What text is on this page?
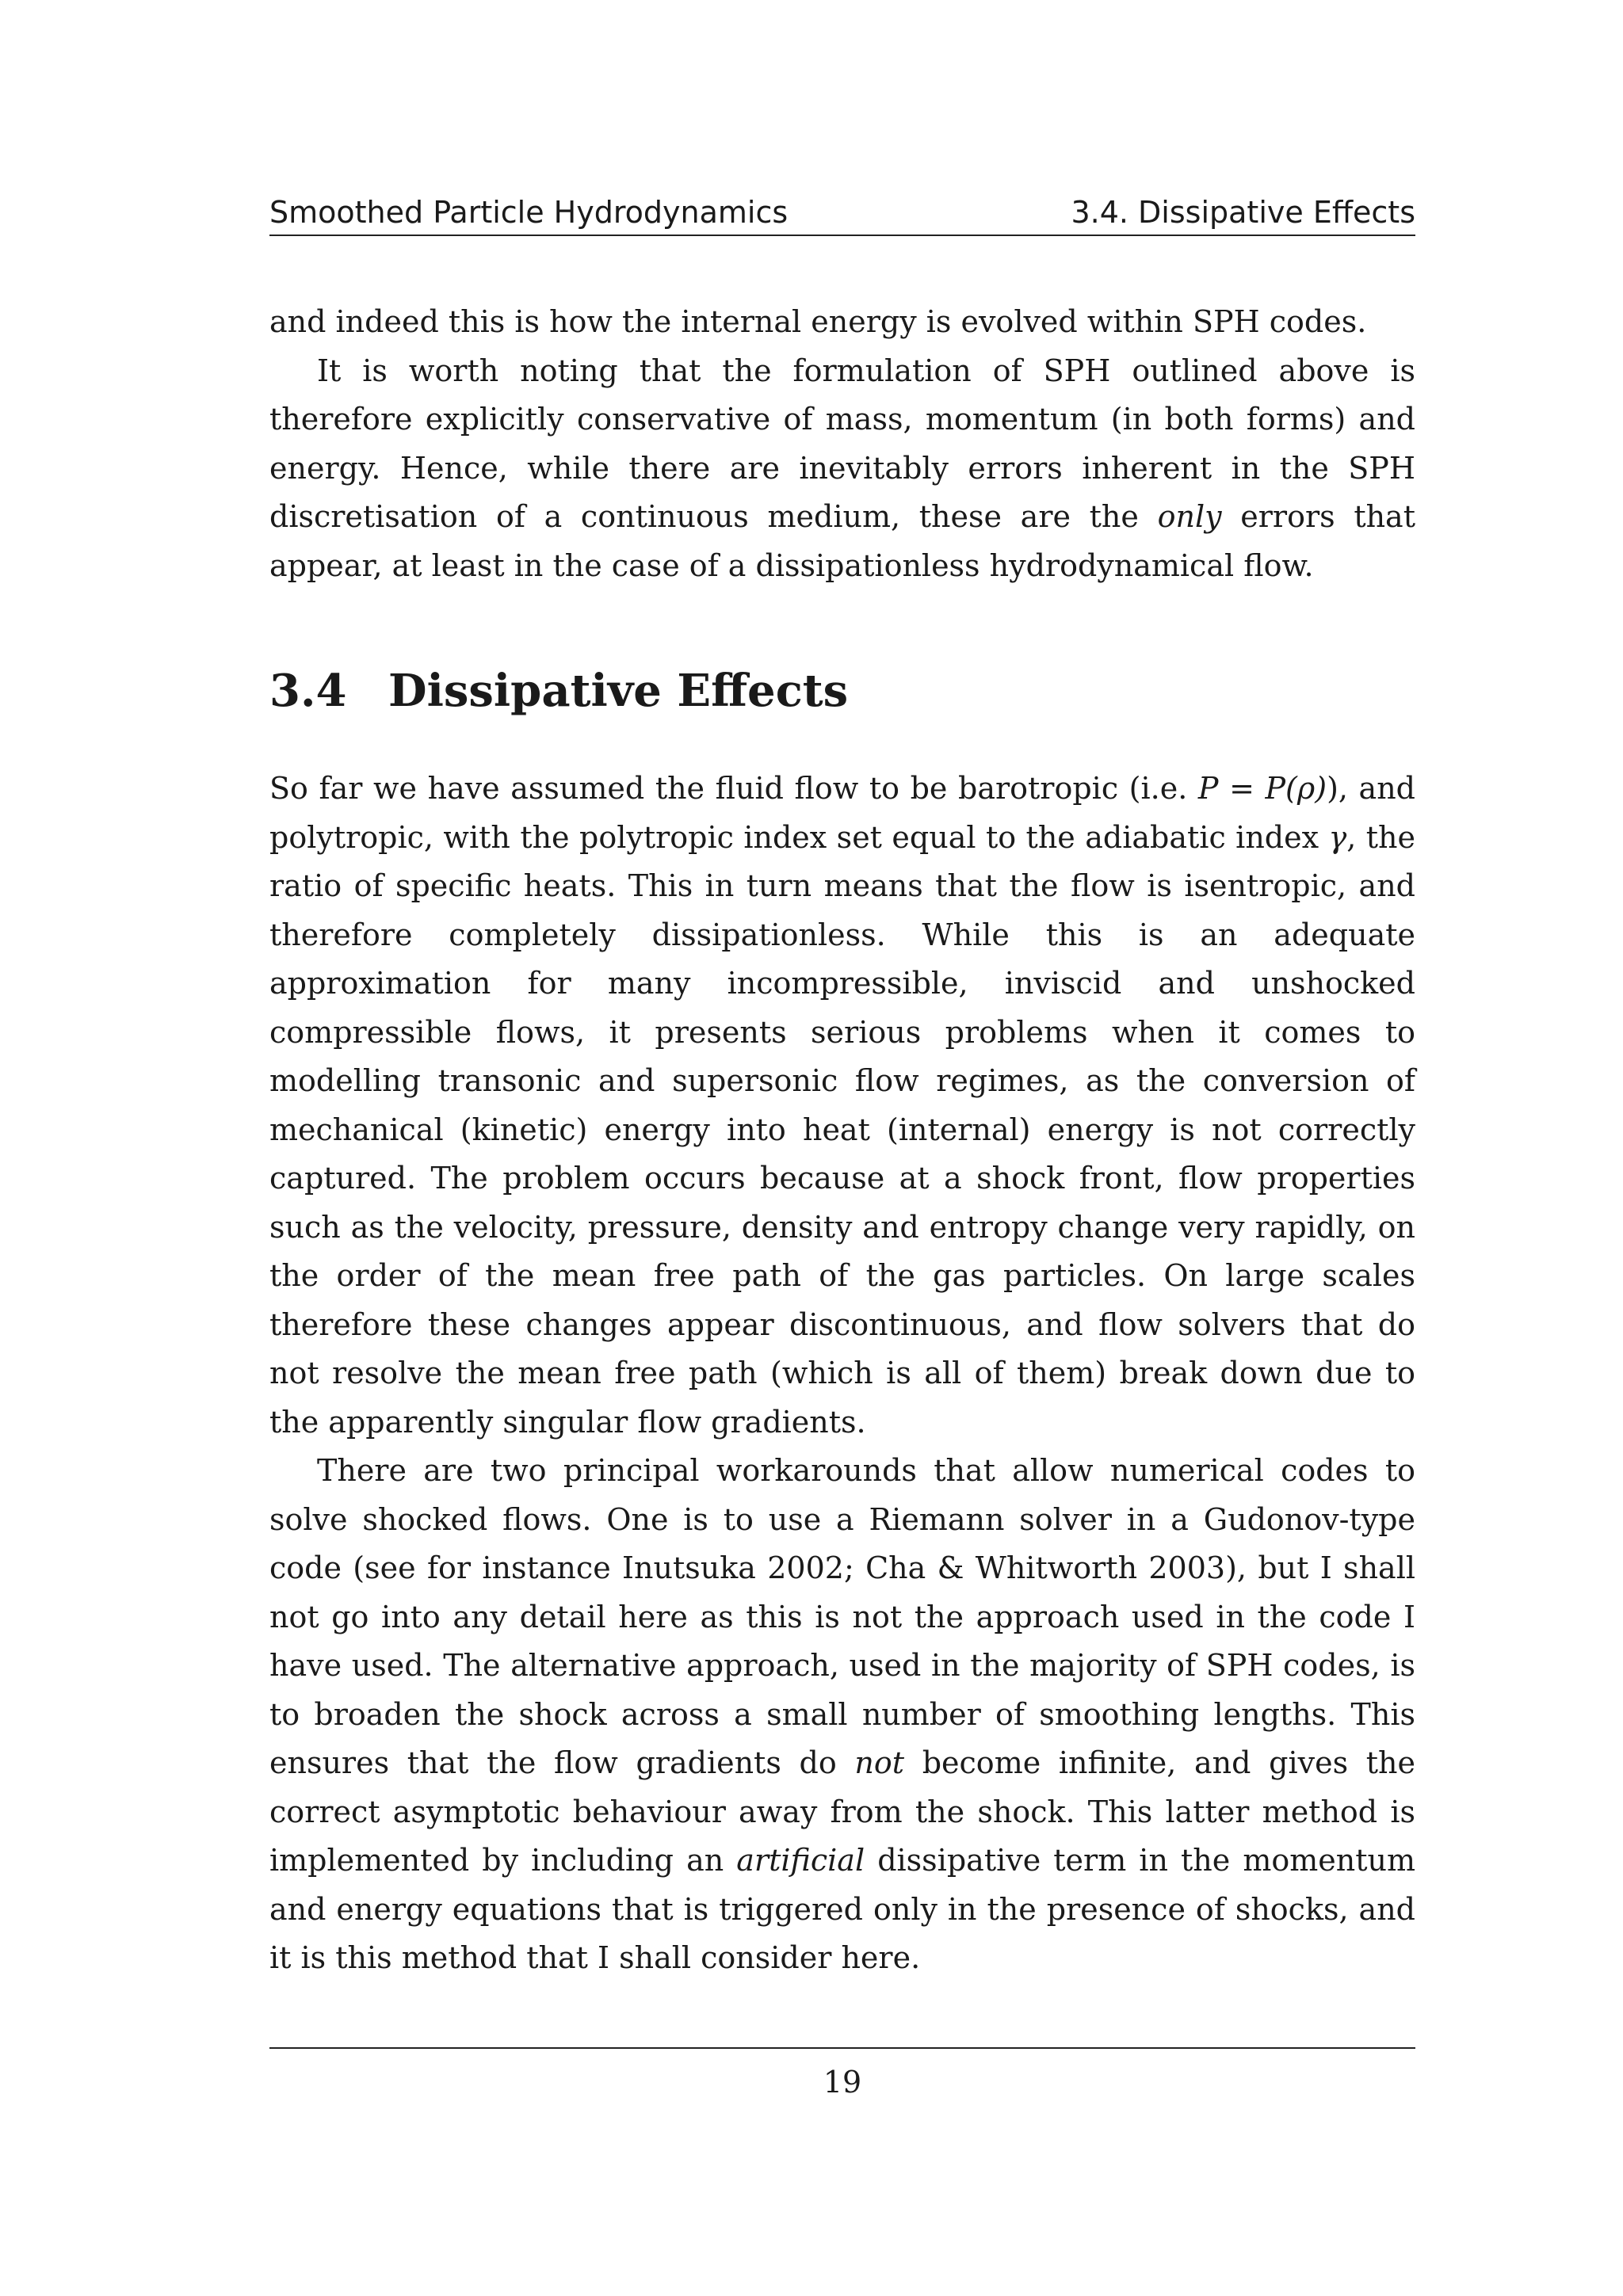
Smoothed Particle Hydrodynamics	3.4. Dissipative Effects

and indeed this is how the internal energy is evolved within SPH codes.

It is worth noting that the formulation of SPH outlined above is therefore explicitly conservative of mass, momentum (in both forms) and energy. Hence, while there are inevitably errors inherent in the SPH discretisation of a continuous medium, these are the only errors that appear, at least in the case of a dissipationless hydrodynamical flow.

3.4 Dissipative Effects

So far we have assumed the fluid flow to be barotropic (i.e. P = P(ρ)), and polytropic, with the polytropic index set equal to the adiabatic index γ, the ratio of specific heats. This in turn means that the flow is isentropic, and therefore completely dissipationless. While this is an adequate approximation for many incompressible, inviscid and unshocked compressible flows, it presents serious problems when it comes to modelling transonic and supersonic flow regimes, as the conversion of mechanical (kinetic) energy into heat (internal) energy is not correctly captured. The problem occurs because at a shock front, flow properties such as the velocity, pressure, density and entropy change very rapidly, on the order of the mean free path of the gas particles. On large scales therefore these changes appear discontinuous, and flow solvers that do not resolve the mean free path (which is all of them) break down due to the apparently singular flow gradients.

There are two principal workarounds that allow numerical codes to solve shocked flows. One is to use a Riemann solver in a Gudonov-type code (see for instance Inutsuka 2002; Cha & Whitworth 2003), but I shall not go into any detail here as this is not the approach used in the code I have used. The alternative approach, used in the majority of SPH codes, is to broaden the shock across a small number of smoothing lengths. This ensures that the flow gradients do not become infinite, and gives the correct asymptotic behaviour away from the shock. This latter method is implemented by including an artificial dissipative term in the momentum and energy equations that is triggered only in the presence of shocks, and it is this method that I shall consider here.

19
